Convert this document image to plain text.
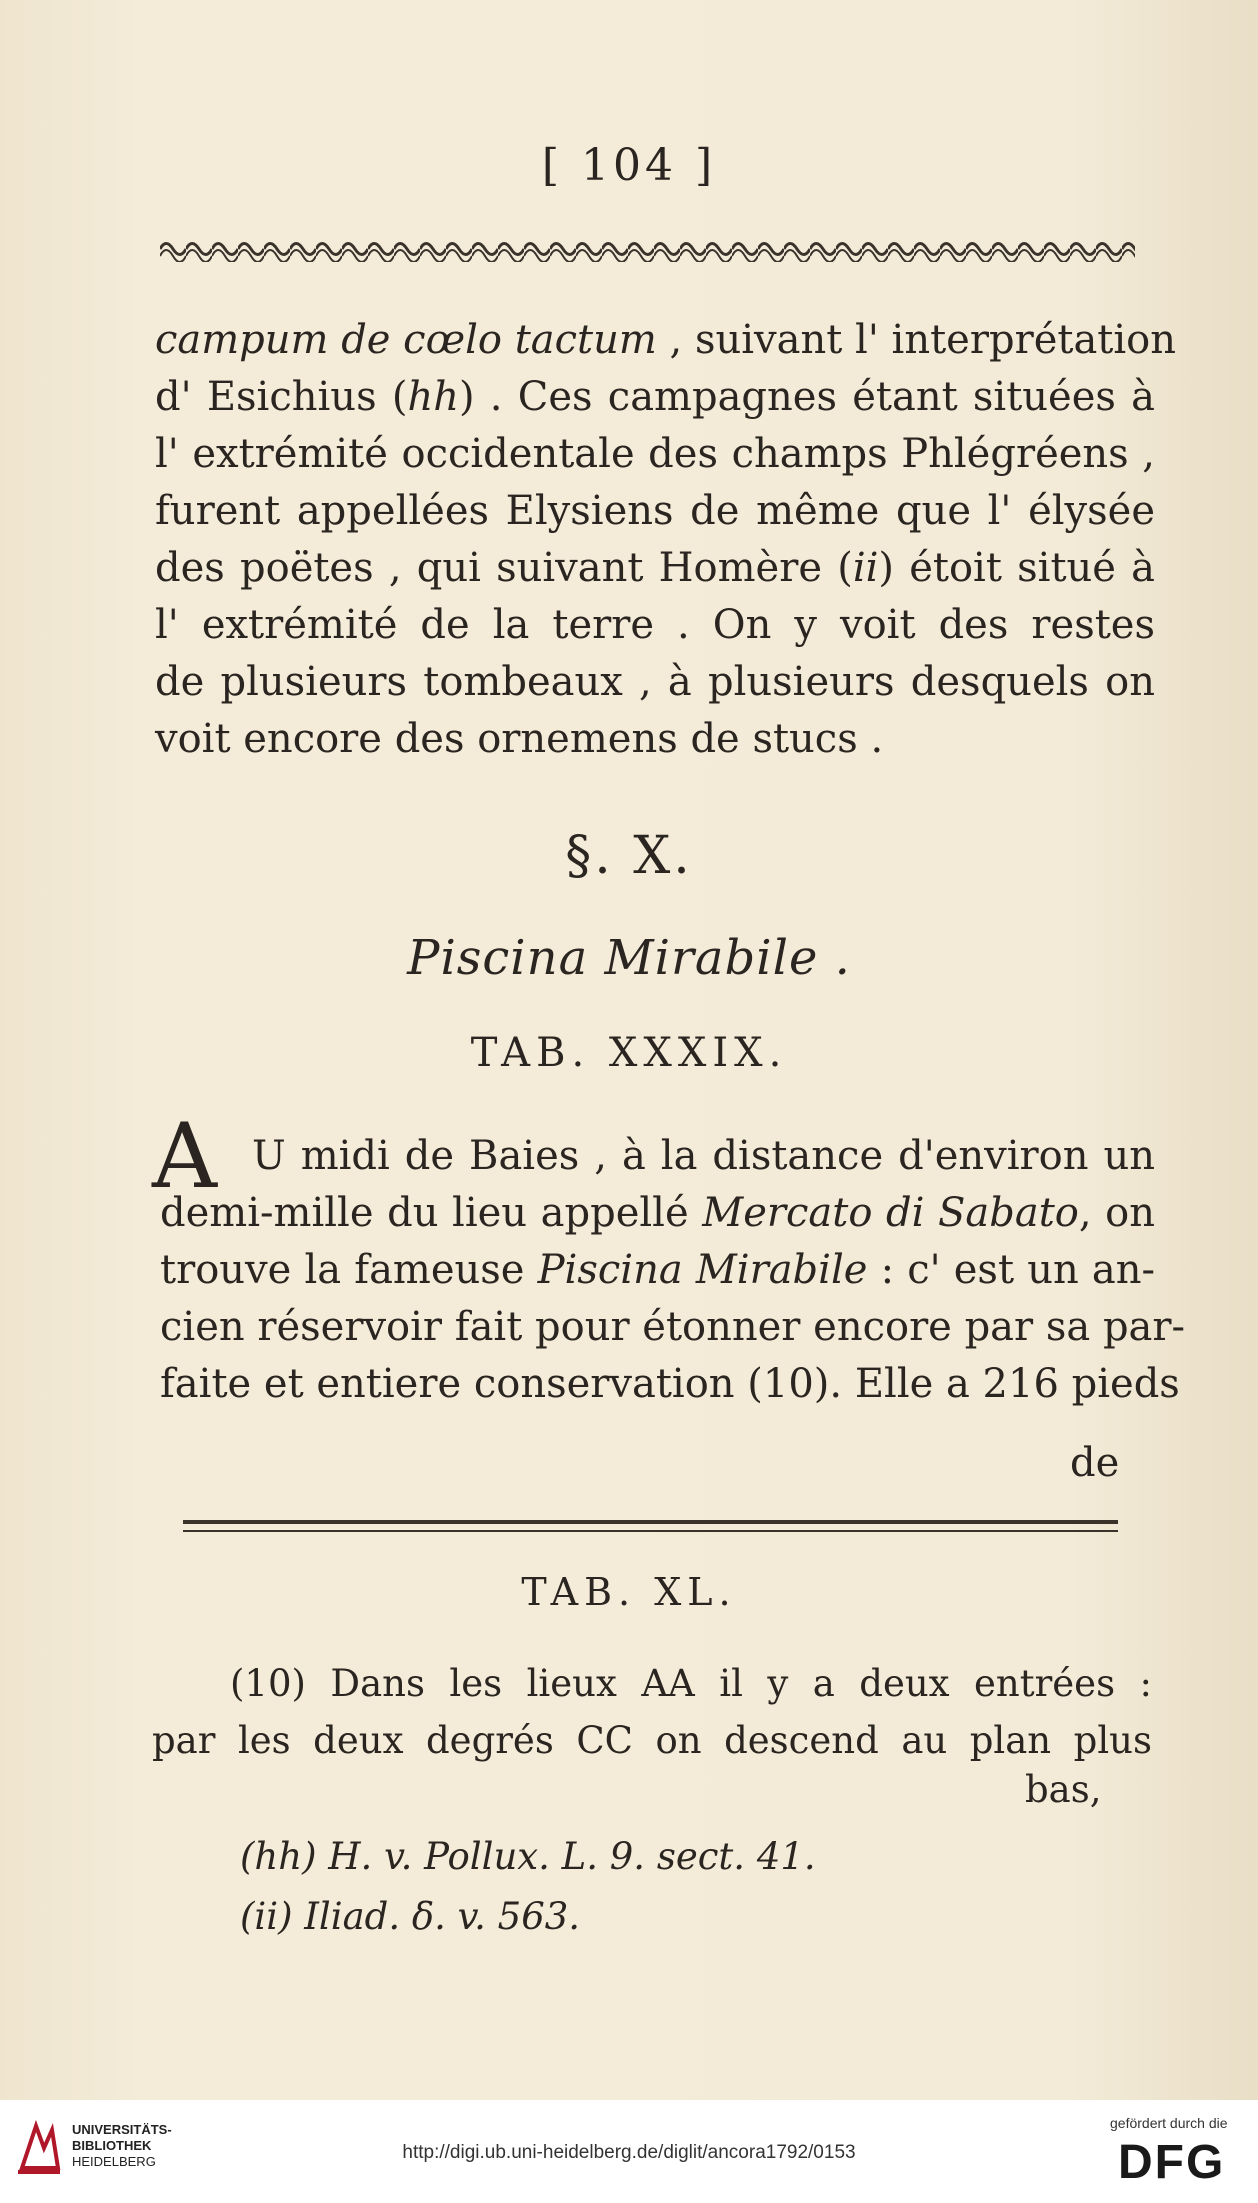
[ 104 ]
campum de cœlo tactum , suivant l' interprétation
d' Esichius (hh) . Ces campagnes étant situées à
l' extrémité occidentale des champs Phlégréens ,
furent appellées Elysiens de même que l' élysée
des poëtes , qui suivant Homère (ii) étoit situé à
l' extrémité de la terre . On y voit des restes
de plusieurs tombeaux , à plusieurs desquels on
voit encore des ornemens de stucs .
§. X.
Piscina Mirabile .
TAB. XXXIX.
A U midi de Baies , à la distance d'environ un
demi-mille du lieu appellé Mercato di Sabato, on
trouve la fameuse Piscina Mirabile : c' est un an-
cien réservoir fait pour étonner encore par sa par-
faite et entiere conservation (10). Elle a 216 pieds
de
TAB. XL.
(10) Dans les lieux AA il y a deux entrées :
par les deux degrés CC on descend au plan plus
bas,
(hh) H. v. Pollux. L. 9. sect. 41.
(ii) Iliad. δ. v. 563.
UNIVERSITÄTS-
BIBLIOTHEK
HEIDELBERG	http://digi.ub.uni-heidelberg.de/diglit/ancora1792/0153
gefördert durch die
DFG
